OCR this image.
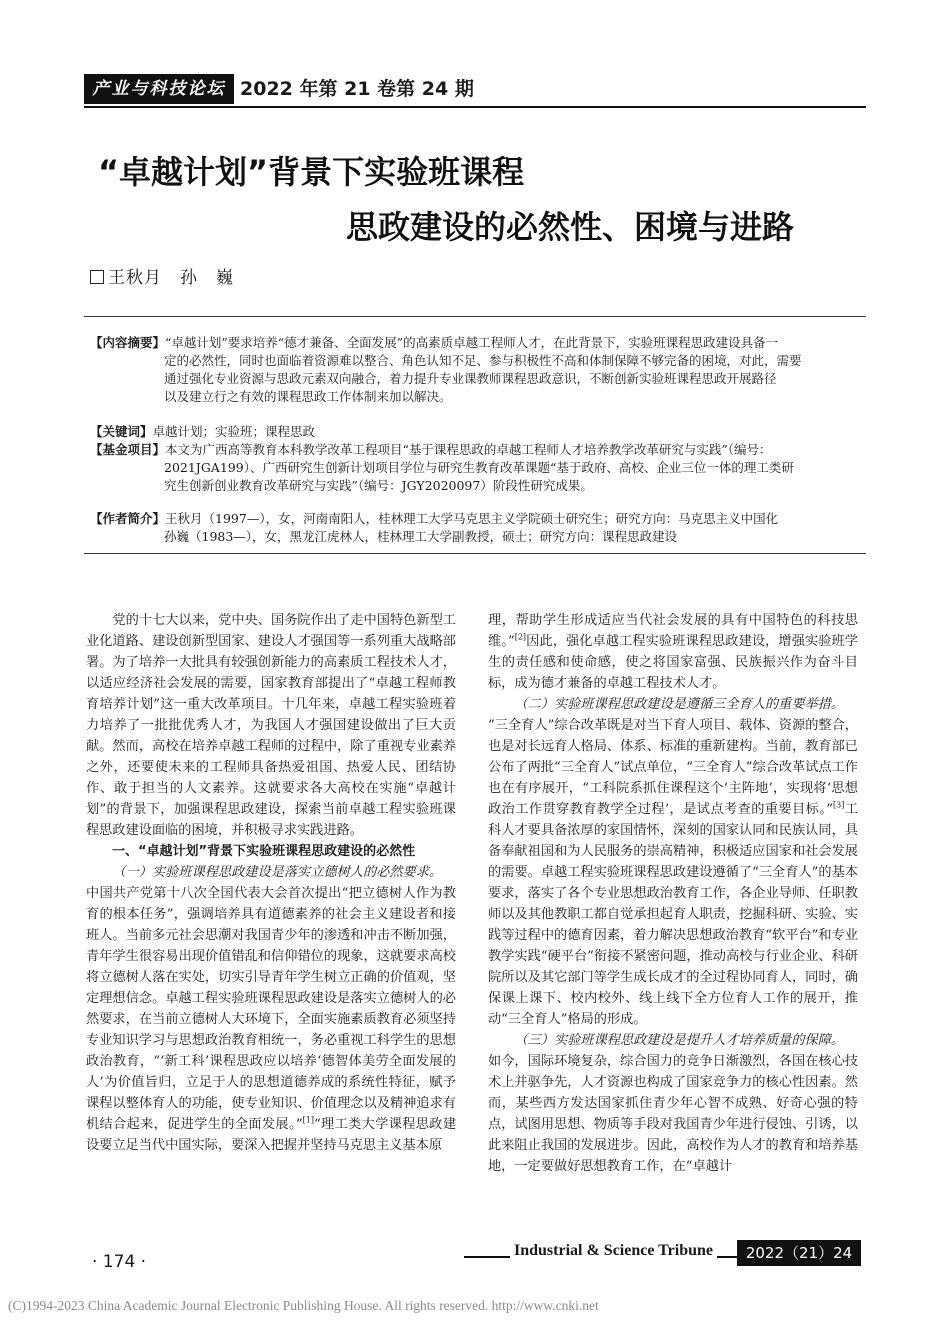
产业与科技论坛 2022 年第 21 卷第 24 期
“卓越计划”背景下实验班课程
思政建设的必然性、困境与进路
王秋月　孙　巍

【内容摘要】“卓越计划”要求培养“德才兼备、全面发展”的高素质卓越工程师人才，在此背景下，实验班课程思政建设具备一

定的必然性，同时也面临着资源难以整合、角色认知不足、参与积极性不高和体制保障不够完备的困境，对此，需要
通过强化专业资源与思政元素双向融合，着力提升专业课教师课程思政意识，不断创新实验班课程思政开展路径
以及建立行之有效的课程思政工作体制来加以解决。

【关键词】卓越计划；实验班；课程思政

【基金项目】本文为广西高等教育本科教学改革工程项目“基于课程思政的卓越工程师人才培养教学改革研究与实践”（编号：

2021JGA199）、广西研究生创新计划项目学位与研究生教育改革课题“基于政府、高校、企业三位一体的理工类研
究生创新创业教育改革研究与实践”（编号：JGY2020097）阶段性研究成果。

【作者简介】王秋月（1997—），女，河南南阳人，桂林理工大学马克思主义学院硕士研究生；研究方向：马克思主义中国化

孙巍（1983—），女，黑龙江虎林人，桂林理工大学副教授，硕士；研究方向：课程思政建设

党的十七大以来，党中央、国务院作出了走中国特色新型工业化道路、建设创新型国家、建设人才强国等一系列重大战略部署。为了培养一大批具有较强创新能力的高素质工程技术人才，以适应经济社会发展的需要，国家教育部提出了“卓越工程师教育培养计划”这一重大改革项目。十几年来，卓越工程实验班着力培养了一批批优秀人才，为我国人才强国建设做出了巨大贡献。然而，高校在培养卓越工程师的过程中，除了重视专业素养之外，还要使未来的工程师具备热爱祖国、热爱人民、团结协作、敢于担当的人文素养。这就要求各大高校在实施“卓越计划”的背景下，加强课程思政建设，探索当前卓越工程实验班课程思政建设面临的困境，并积极寻求实践进路。

一、“卓越计划”背景下实验班课程思政建设的必然性

（一）实验班课程思政建设是落实立德树人的必然要求。

中国共产党第十八次全国代表大会首次提出“把立德树人作为教育的根本任务”，强调培养具有道德素养的社会主义建设者和接班人。当前多元社会思潮对我国青少年的渗透和冲击不断加强，青年学生很容易出现价值错乱和信仰错位的现象，这就要求高校将立德树人落在实处，切实引导青年学生树立正确的价值观，坚定理想信念。卓越工程实验班课程思政建设是落实立德树人的必然要求，在当前立德树人大环境下，全面实施素质教育必须坚持专业知识学习与思想政治教育相统一，务必重视工科学生的思想政治教育，“‘新工科’课程思政应以培养‘德智体美劳全面发展的人’为价值旨归，立足于人的思想道德养成的系统性特征，赋予课程以整体育人的功能，使专业知识、价值理念以及精神追求有机结合起来，促进学生的全面发展。”[1]“理工类大学课程思政建设要立足当代中国实际，要深入把握并坚持马克思主义基本原

理，帮助学生形成适应当代社会发展的具有中国特色的科技思维。”[2]因此，强化卓越工程实验班课程思政建设，增强实验班学生的责任感和使命感，使之将国家富强、民族振兴作为奋斗目标，成为德才兼备的卓越工程技术人才。

（二）实验班课程思政建设是遵循三全育人的重要举措。

“三全育人”综合改革既是对当下育人项目、载体、资源的整合，也是对长远育人格局、体系、标准的重新建构。当前，教育部已公布了两批“三全育人”试点单位，“三全育人”综合改革试点工作也在有序展开，“工科院系抓住课程这个‘主阵地’，实现将‘思想政治工作贯穿教育教学全过程’，是试点考查的重要目标。”[3]工科人才要具备浓厚的家国情怀，深刻的国家认同和民族认同，具备奉献祖国和为人民服务的崇高精神，积极适应国家和社会发展的需要。卓越工程实验班课程思政建设遵循了“三全育人”的基本要求，落实了各个专业思想政治教育工作，各企业导师、任职教师以及其他教职工都自觉承担起育人职责，挖掘科研、实验、实践等过程中的德育因素，着力解决思想政治教育“软平台”和专业教学实践“硬平台”衔接不紧密问题，推动高校与行业企业、科研院所以及其它部门等学生成长成才的全过程协同育人，同时，确保课上课下、校内校外、线上线下全方位育人工作的展开，推动“三全育人”格局的形成。

（三）实验班课程思政建设是提升人才培养质量的保障。

如今，国际环境复杂，综合国力的竞争日渐激烈，各国在核心技术上并驱争先，人才资源也构成了国家竞争力的核心性因素。然而，某些西方发达国家抓住青少年心智不成熟、好奇心强的特点，试图用思想、物质等手段对我国青少年进行侵蚀、引诱，以此来阻止我国的发展进步。因此，高校作为人才的教育和培养基地，一定要做好思想教育工作，在“卓越计

· 174 ·
Industrial & Science Tribune	2022（21）24
(C)1994-2023 China Academic Journal Electronic Publishing House. All rights reserved. http://www.cnki.net
